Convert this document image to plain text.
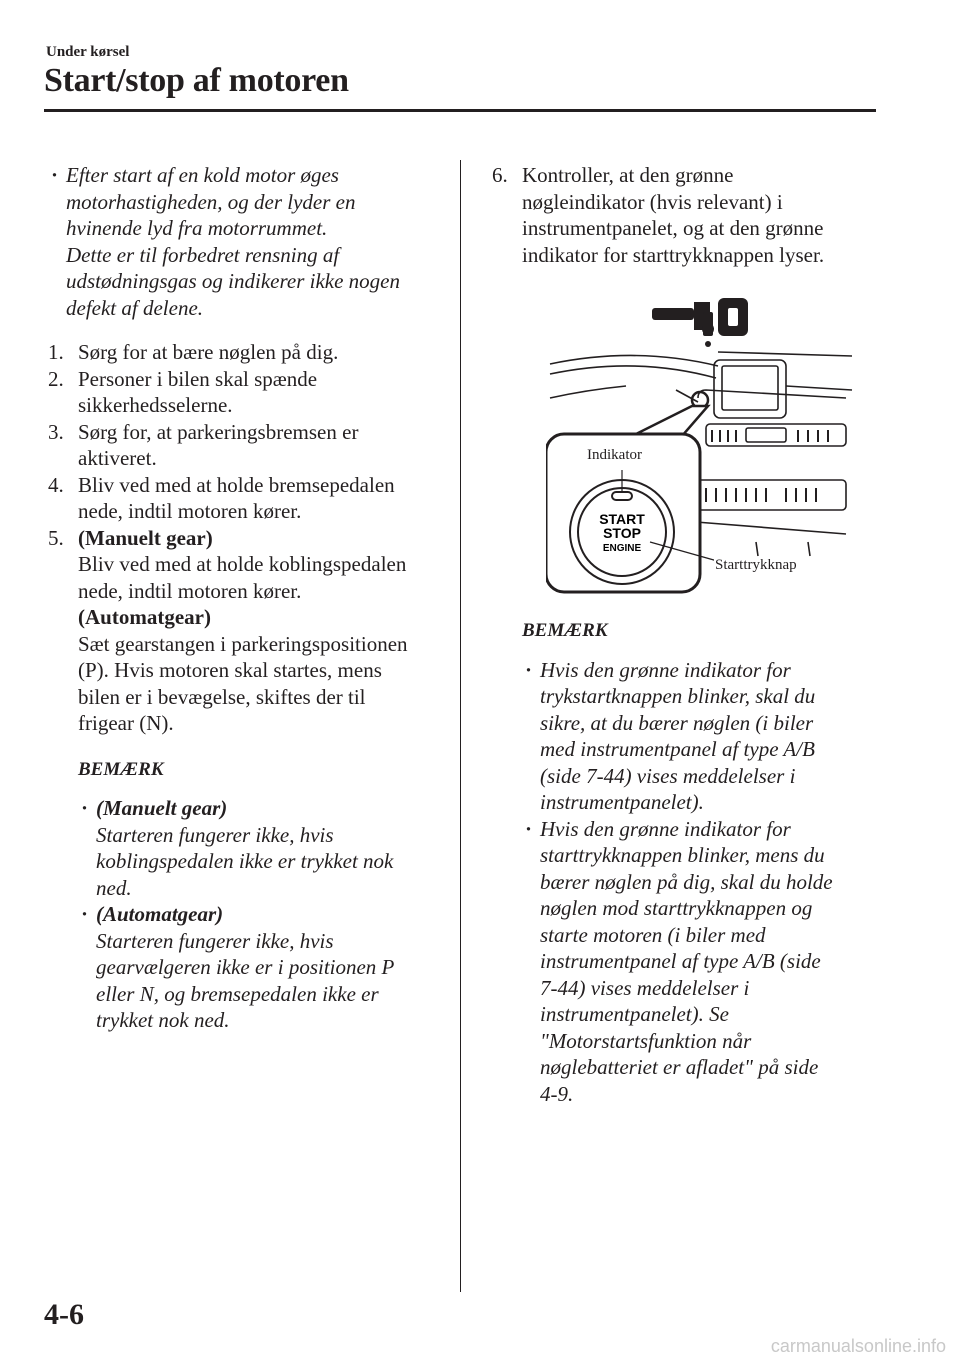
Under kørsel
Start/stop af motoren

· Efter start af en kold motor øges

motorhastigheden, og der lyder en

hvinende lyd fra motorrummet.

Dette er til forbedret rensning af

udstødningsgas og indikerer ikke nogen

defekt af delene.

1. Sørg for at bære nøglen på dig.

2. Personer i bilen skal spænde

sikkerhedsselerne.

3. Sørg for, at parkeringsbremsen er

aktiveret.

4. Bliv ved med at holde bremsepedalen

nede, indtil motoren kører.

5. (Manuelt gear)

Bliv ved med at holde koblingspedalen

nede, indtil motoren kører.

(Automatgear)

Sæt gearstangen i parkeringspositionen

(P). Hvis motoren skal startes, mens

bilen er i bevægelse, skiftes der til

frigear (N).

BEMÆRK

· (Manuelt gear)

Starteren fungerer ikke, hvis

koblingspedalen ikke er trykket nok

ned.

· (Automatgear)

Starteren fungerer ikke, hvis

gearvælgeren ikke er i positionen P

eller N, og bremsepedalen ikke er

trykket nok ned.

6. Kontroller, at den grønne

nøgleindikator (hvis relevant) i

instrumentpanelet, og at den grønne

indikator for starttrykknappen lyser.

START
STOP
ENGINE
Indikator
Starttrykknap

BEMÆRK

· Hvis den grønne indikator for

trykstartknappen blinker, skal du

sikre, at du bærer nøglen (i biler

med instrumentpanel af type A/B

(side 7-44) vises meddelelser i

instrumentpanelet).

· Hvis den grønne indikator for

starttrykknappen blinker, mens du

bærer nøglen på dig, skal du holde

nøglen mod starttrykknappen og

starte motoren (i biler med

instrumentpanel af type A/B (side

7-44) vises meddelelser i

instrumentpanelet). Se

"Motorstartsfunktion når

nøglebatteriet er afladet" på side

4-9.

4-6
carmanualsonline.info
